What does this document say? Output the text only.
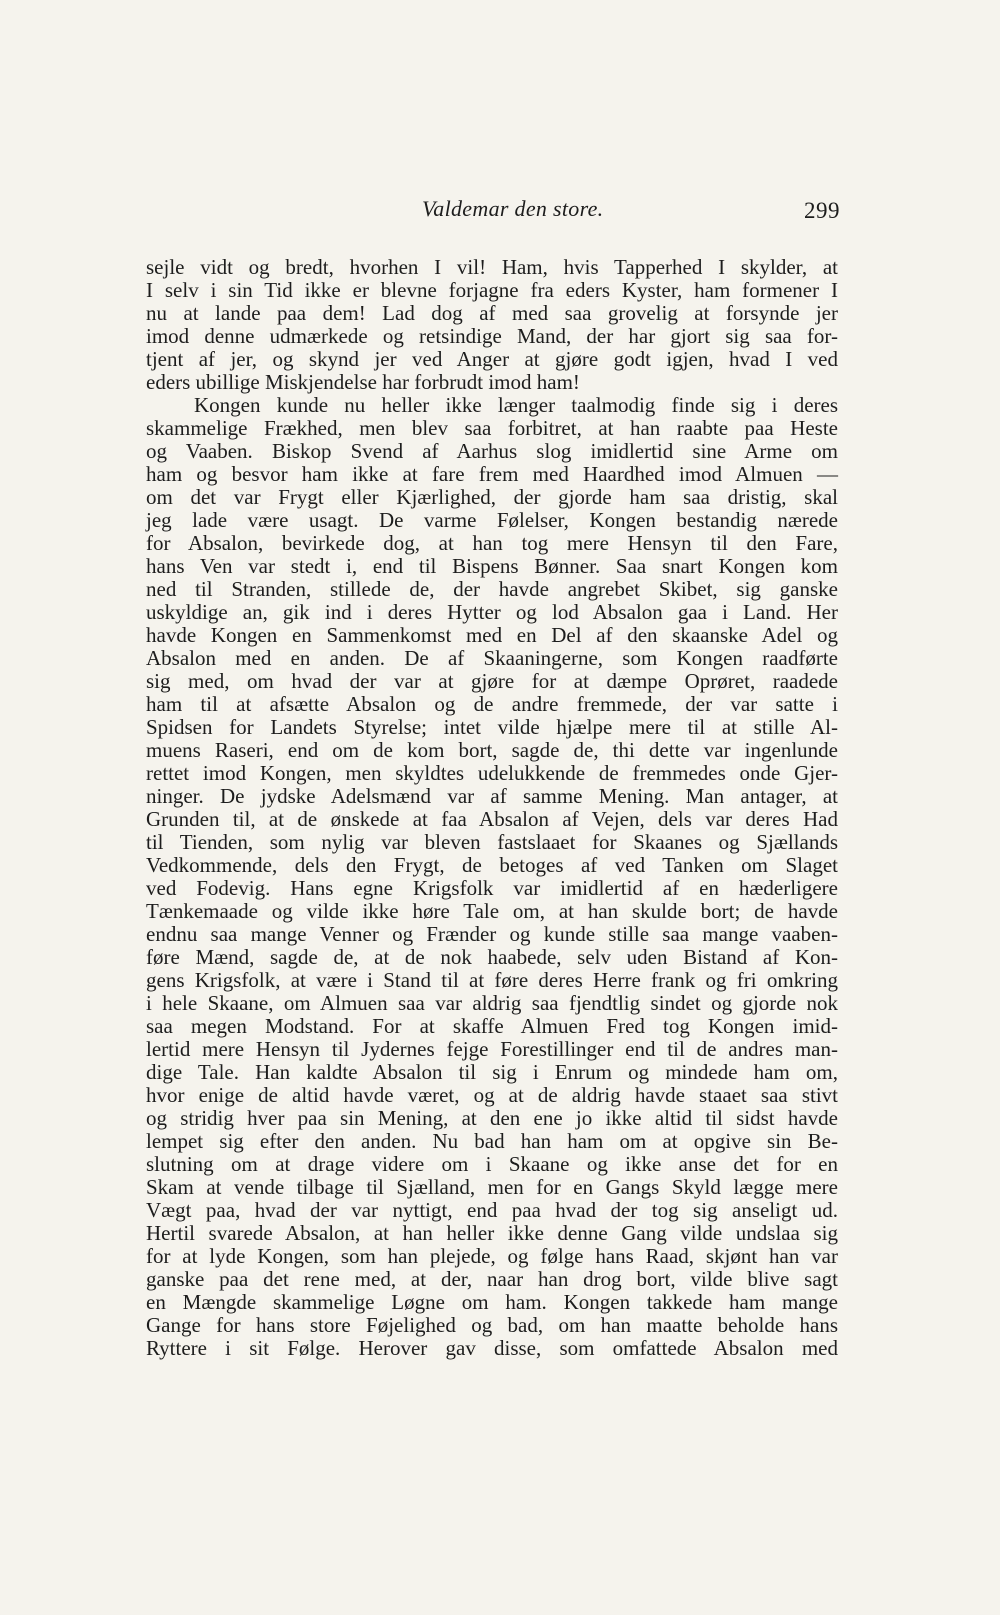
Valdemar den store.	299
sejle vidt og bredt, hvorhen I vil! Ham, hvis Tapperhed I skylder, at
I selv i sin Tid ikke er blevne forjagne fra eders Kyster, ham formener I
nu at lande paa dem! Lad dog af med saa grovelig at forsynde jer
imod denne udmærkede og retsindige Mand, der har gjort sig saa for-
tjent af jer, og skynd jer ved Anger at gjøre godt igjen, hvad I ved
eders ubillige Miskjendelse har forbrudt imod ham!
Kongen kunde nu heller ikke længer taalmodig finde sig i deres
skammelige Frækhed, men blev saa forbitret, at han raabte paa Heste
og Vaaben. Biskop Svend af Aarhus slog imidlertid sine Arme om
ham og besvor ham ikke at fare frem med Haardhed imod Almuen —
om det var Frygt eller Kjærlighed, der gjorde ham saa dristig, skal
jeg lade være usagt. De varme Følelser, Kongen bestandig nærede
for Absalon, bevirkede dog, at han tog mere Hensyn til den Fare,
hans Ven var stedt i, end til Bispens Bønner. Saa snart Kongen kom
ned til Stranden, stillede de, der havde angrebet Skibet, sig ganske
uskyldige an, gik ind i deres Hytter og lod Absalon gaa i Land. Her
havde Kongen en Sammenkomst med en Del af den skaanske Adel og
Absalon med en anden. De af Skaaningerne, som Kongen raadførte
sig med, om hvad der var at gjøre for at dæmpe Oprøret, raadede
ham til at afsætte Absalon og de andre fremmede, der var satte i
Spidsen for Landets Styrelse; intet vilde hjælpe mere til at stille Al-
muens Raseri, end om de kom bort, sagde de, thi dette var ingenlunde
rettet imod Kongen, men skyldtes udelukkende de fremmedes onde Gjer-
ninger. De jydske Adelsmænd var af samme Mening. Man antager, at
Grunden til, at de ønskede at faa Absalon af Vejen, dels var deres Had
til Tienden, som nylig var bleven fastslaaet for Skaanes og Sjællands
Vedkommende, dels den Frygt, de betoges af ved Tanken om Slaget
ved Fodevig. Hans egne Krigsfolk var imidlertid af en hæderligere
Tænkemaade og vilde ikke høre Tale om, at han skulde bort; de havde
endnu saa mange Venner og Frænder og kunde stille saa mange vaaben-
føre Mænd, sagde de, at de nok haabede, selv uden Bistand af Kon-
gens Krigsfolk, at være i Stand til at føre deres Herre frank og fri omkring
i hele Skaane, om Almuen saa var aldrig saa fjendtlig sindet og gjorde nok
saa megen Modstand. For at skaffe Almuen Fred tog Kongen imid-
lertid mere Hensyn til Jydernes fejge Forestillinger end til de andres man-
dige Tale. Han kaldte Absalon til sig i Enrum og mindede ham om,
hvor enige de altid havde været, og at de aldrig havde staaet saa stivt
og stridig hver paa sin Mening, at den ene jo ikke altid til sidst havde
lempet sig efter den anden. Nu bad han ham om at opgive sin Be-
slutning om at drage videre om i Skaane og ikke anse det for en
Skam at vende tilbage til Sjælland, men for en Gangs Skyld lægge mere
Vægt paa, hvad der var nyttigt, end paa hvad der tog sig anseligt ud.
Hertil svarede Absalon, at han heller ikke denne Gang vilde undslaa sig
for at lyde Kongen, som han plejede, og følge hans Raad, skjønt han var
ganske paa det rene med, at der, naar han drog bort, vilde blive sagt
en Mængde skammelige Løgne om ham. Kongen takkede ham mange
Gange for hans store Føjelighed og bad, om han maatte beholde hans
Ryttere i sit Følge. Herover gav disse, som omfattede Absalon med
